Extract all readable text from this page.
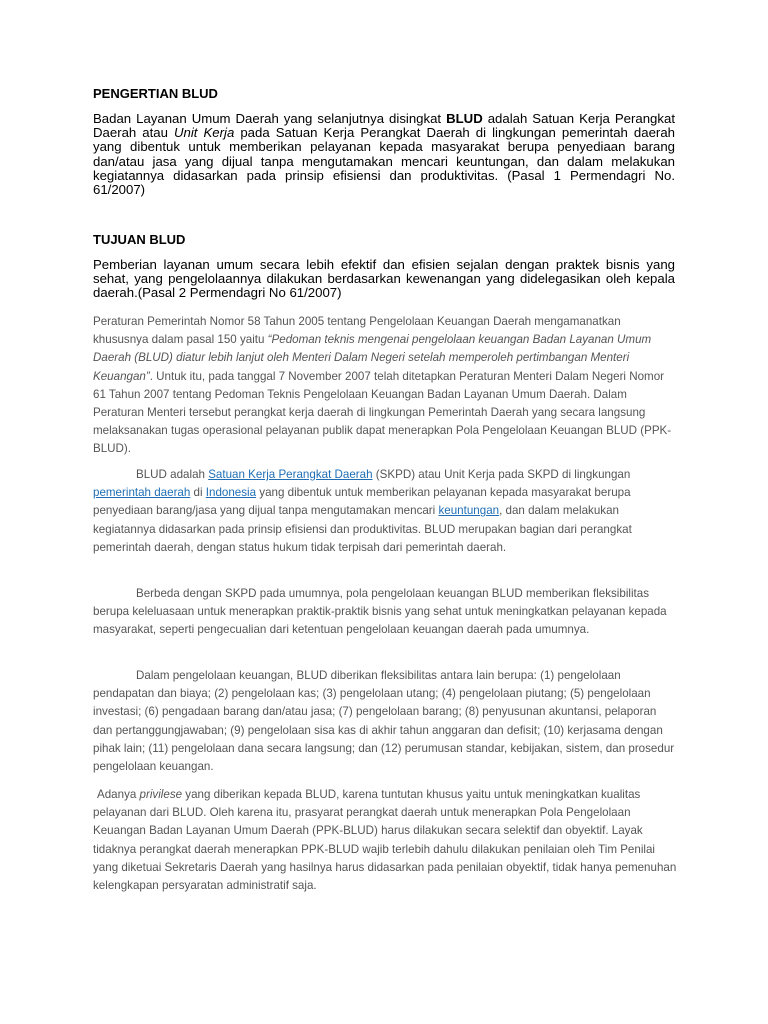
PENGERTIAN BLUD

Badan Layanan Umum Daerah yang selanjutnya disingkat BLUD adalah Satuan Kerja Perangkat Daerah atau Unit Kerja pada Satuan Kerja Perangkat Daerah di lingkungan pemerintah daerah yang dibentuk untuk memberikan pelayanan kepada masyarakat berupa penyediaan barang dan/atau jasa yang dijual tanpa mengutamakan mencari keuntungan, dan dalam melakukan kegiatannya didasarkan pada prinsip efisiensi dan produktivitas. (Pasal 1 Permendagri No. 61/2007)

TUJUAN BLUD

Pemberian layanan umum secara lebih efektif dan efisien sejalan dengan praktek bisnis yang sehat, yang pengelolaannya dilakukan berdasarkan kewenangan yang didelegasikan oleh kepala daerah.(Pasal 2 Permendagri No 61/2007)

Peraturan Pemerintah Nomor 58 Tahun 2005 tentang Pengelolaan Keuangan Daerah mengamanatkan khususnya dalam pasal 150 yaitu “Pedoman teknis mengenai pengelolaan keuangan Badan Layanan Umum Daerah (BLUD) diatur lebih lanjut oleh Menteri Dalam Negeri setelah memperoleh pertimbangan Menteri Keuangan”. Untuk itu, pada tanggal 7 November 2007 telah ditetapkan Peraturan Menteri Dalam Negeri Nomor 61 Tahun 2007 tentang Pedoman Teknis Pengelolaan Keuangan Badan Layanan Umum Daerah. Dalam Peraturan Menteri tersebut perangkat kerja daerah di lingkungan Pemerintah Daerah yang secara langsung melaksanakan tugas operasional pelayanan publik dapat menerapkan Pola Pengelolaan Keuangan BLUD (PPK-BLUD).

BLUD adalah Satuan Kerja Perangkat Daerah (SKPD) atau Unit Kerja pada SKPD di lingkungan pemerintah daerah di Indonesia yang dibentuk untuk memberikan pelayanan kepada masyarakat berupa penyediaan barang/jasa yang dijual tanpa mengutamakan mencari keuntungan, dan dalam melakukan kegiatannya didasarkan pada prinsip efisiensi dan produktivitas. BLUD merupakan bagian dari perangkat pemerintah daerah, dengan status hukum tidak terpisah dari pemerintah daerah.

Berbeda dengan SKPD pada umumnya, pola pengelolaan keuangan BLUD memberikan fleksibilitas berupa keleluasaan untuk menerapkan praktik-praktik bisnis yang sehat untuk meningkatkan pelayanan kepada masyarakat, seperti pengecualian dari ketentuan pengelolaan keuangan daerah pada umumnya.

Dalam pengelolaan keuangan, BLUD diberikan fleksibilitas antara lain berupa: (1) pengelolaan pendapatan dan biaya; (2) pengelolaan kas; (3) pengelolaan utang; (4) pengelolaan piutang; (5) pengelolaan investasi; (6) pengadaan barang dan/atau jasa; (7) pengelolaan barang; (8) penyusunan akuntansi, pelaporan dan pertanggungjawaban; (9) pengelolaan sisa kas di akhir tahun anggaran dan defisit; (10) kerjasama dengan pihak lain; (11) pengelolaan dana secara langsung; dan (12) perumusan standar, kebijakan, sistem, dan prosedur pengelolaan keuangan.

Adanya privilese yang diberikan kepada BLUD, karena tuntutan khusus yaitu untuk meningkatkan kualitas pelayanan dari BLUD. Oleh karena itu, prasyarat perangkat daerah untuk menerapkan Pola Pengelolaan Keuangan Badan Layanan Umum Daerah (PPK-BLUD) harus dilakukan secara selektif dan obyektif. Layak tidaknya perangkat daerah menerapkan PPK-BLUD wajib terlebih dahulu dilakukan penilaian oleh Tim Penilai yang diketuai Sekretaris Daerah yang hasilnya harus didasarkan pada penilaian obyektif, tidak hanya pemenuhan kelengkapan persyaratan administratif saja.
